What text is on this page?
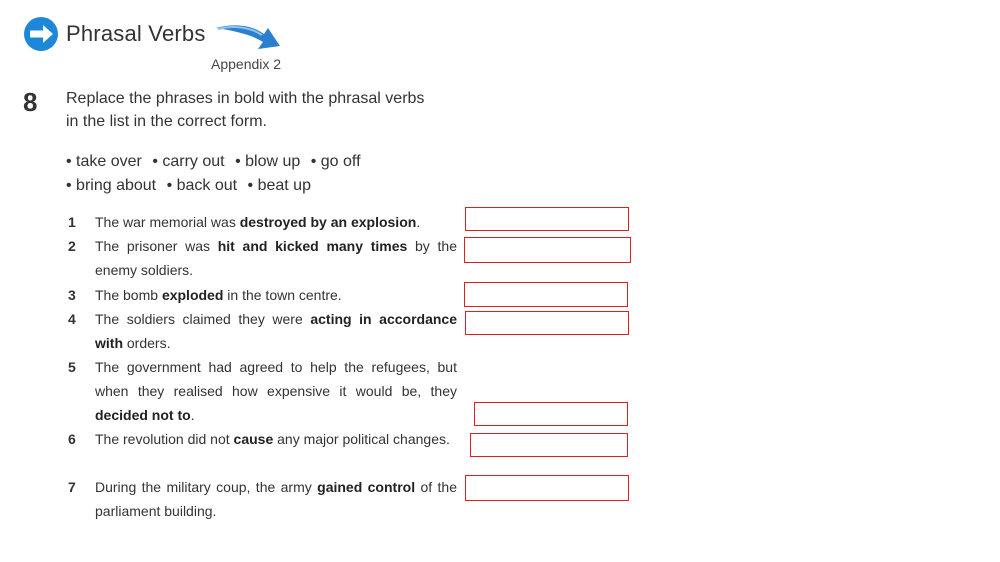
Phrasal Verbs
Appendix 2
8 Replace the phrases in bold with the phrasal verbs
in the list in the correct form.
• take over • carry out • blow up • go off
• bring about • back out • beat up
1 The war memorial was destroyed by an explosion.
2 The prisoner was hit and kicked many times by the enemy soldiers.
3 The bomb exploded in the town centre.
4 The soldiers claimed they were acting in accordance with orders.
5 The government had agreed to help the refugees, but when they realised how expensive it would be, they decided not to.
6 The revolution did not cause any major political changes.
7 During the military coup, the army gained control of the parliament building.
